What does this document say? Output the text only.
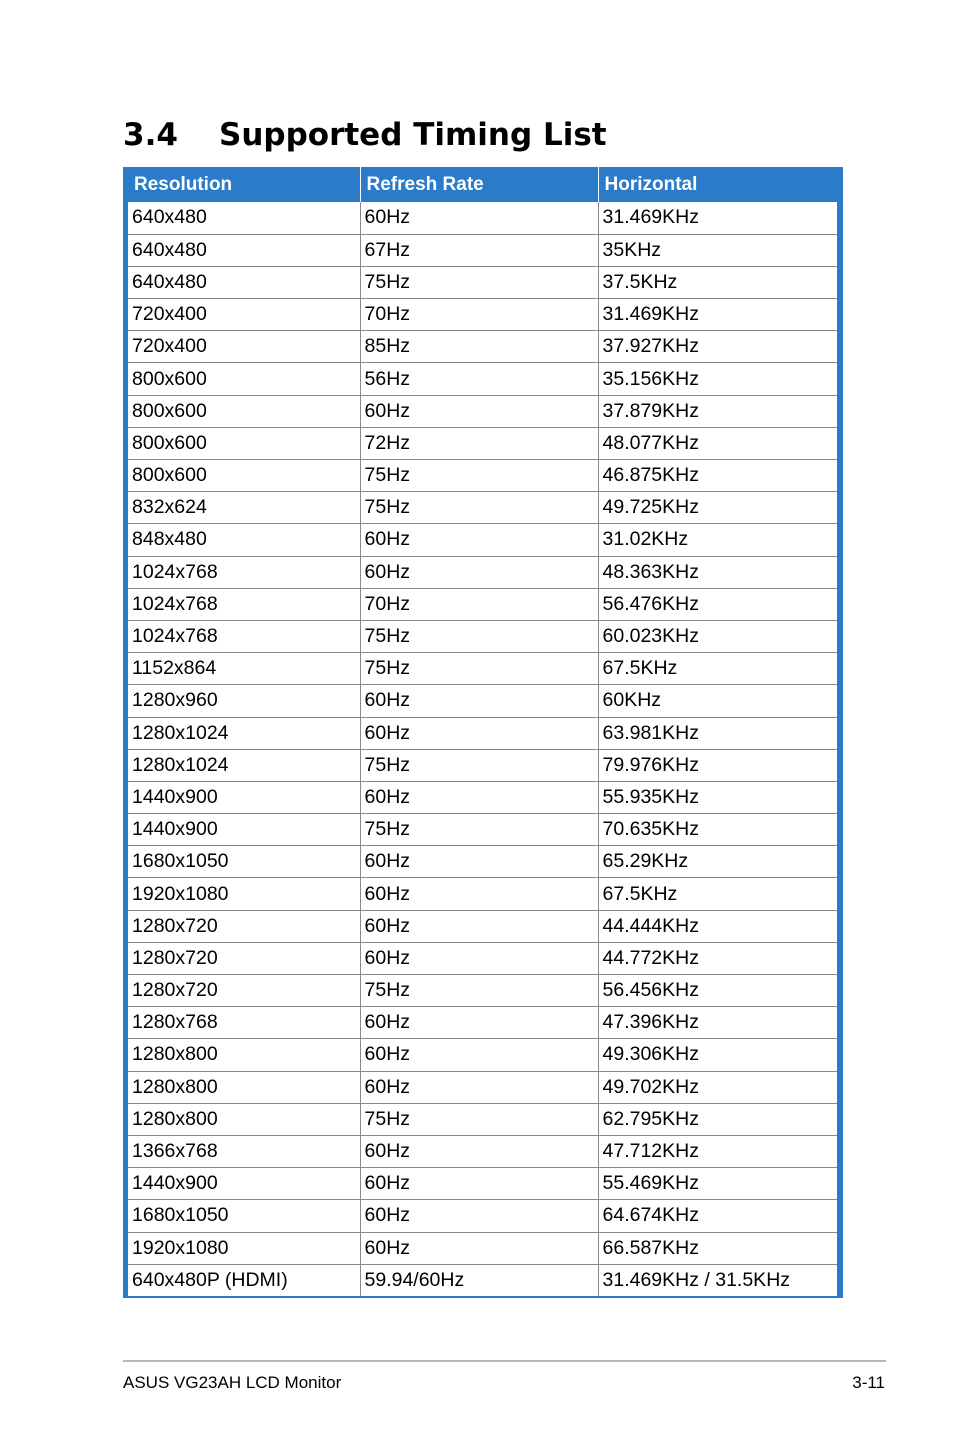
3.4 Supported Timing List
Resolution	Refresh Rate	Horizontal
640x480	60Hz	31.469KHz
640x480	67Hz	35KHz
640x480	75Hz	37.5KHz
720x400	70Hz	31.469KHz
720x400	85Hz	37.927KHz
800x600	56Hz	35.156KHz
800x600	60Hz	37.879KHz
800x600	72Hz	48.077KHz
800x600	75Hz	46.875KHz
832x624	75Hz	49.725KHz
848x480	60Hz	31.02KHz
1024x768	60Hz	48.363KHz
1024x768	70Hz	56.476KHz
1024x768	75Hz	60.023KHz
1152x864	75Hz	67.5KHz
1280x960	60Hz	60KHz
1280x1024	60Hz	63.981KHz
1280x1024	75Hz	79.976KHz
1440x900	60Hz	55.935KHz
1440x900	75Hz	70.635KHz
1680x1050	60Hz	65.29KHz
1920x1080	60Hz	67.5KHz
1280x720	60Hz	44.444KHz
1280x720	60Hz	44.772KHz
1280x720	75Hz	56.456KHz
1280x768	60Hz	47.396KHz
1280x800	60Hz	49.306KHz
1280x800	60Hz	49.702KHz
1280x800	75Hz	62.795KHz
1366x768	60Hz	47.712KHz
1440x900	60Hz	55.469KHz
1680x1050	60Hz	64.674KHz
1920x1080	60Hz	66.587KHz
640x480P (HDMI)	59.94/60Hz	31.469KHz / 31.5KHz
ASUS VG23AH LCD Monitor	3-11
